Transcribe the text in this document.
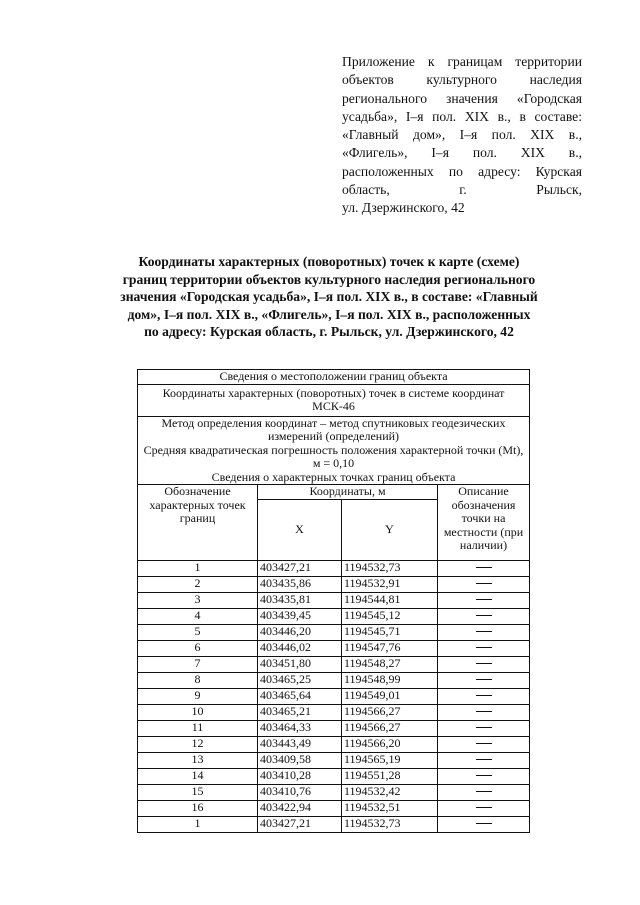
Приложение к границам территории
объектов культурного наследия
регионального значения «Городская
усадьба», I–я пол. XIX в., в составе:
«Главный дом», I–я пол. XIX в.,
«Флигель», I–я пол. XIX в.,
расположенных по адресу: Курская
область, г. Рыльск,

ул. Дзержинского, 42
Координаты характерных (поворотных) точек к карте (схеме)
границ территории объектов культурного наследия регионального
значения «Городская усадьба», I–я пол. XIX в., в составе: «Главный
дом», I–я пол. XIX в., «Флигель», I–я пол. XIX в., расположенных
по адресу: Курская область, г. Рыльск, ул. Дзержинского, 42
Сведения о местоположении границ объекта			
Координаты характерных (поворотных) точек в системе координат МСК-46			

Метод определения координат – метод спутниковых геодезических измерений (определений)
Средняя квадратическая погрешность положения характерной точки (Mt), м = 0,10
Сведения о характерных точках границ объекта			

Обозначение характерных точек границ	Координаты, м		Описание обозначения точки на местности (при наличии)
	X	Y	
1	403427,21	1194532,73	
2	403435,86	1194532,91	
3	403435,81	1194544,81	
4	403439,45	1194545,12	
5	403446,20	1194545,71	
6	403446,02	1194547,76	
7	403451,80	1194548,27	
8	403465,25	1194548,99	
9	403465,64	1194549,01	
10	403465,21	1194566,27	
11	403464,33	1194566,27	
12	403443,49	1194566,20	
13	403409,58	1194565,19	
14	403410,28	1194551,28	
15	403410,76	1194532,42	
16	403422,94	1194532,51	
1	403427,21	1194532,73	
